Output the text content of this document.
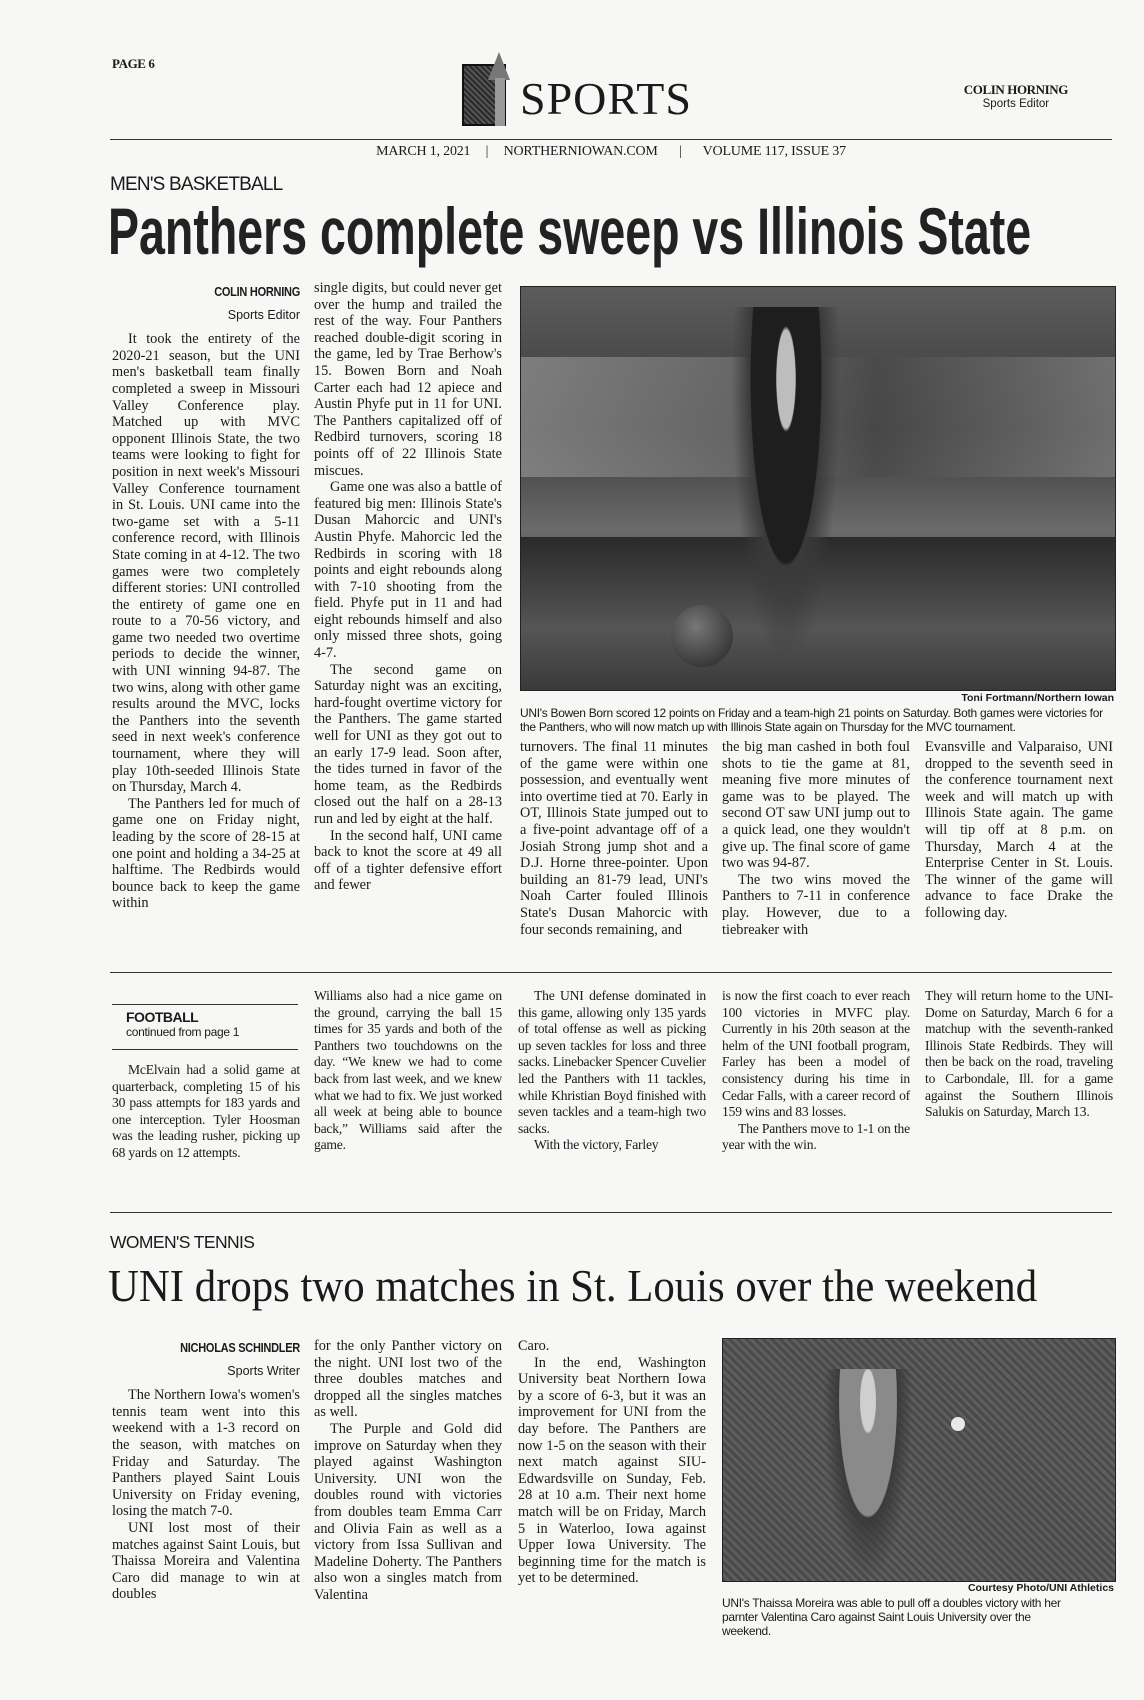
PAGE 6
SPORTS	COLIN HORNING
Sports Editor
MARCH 1, 2021 | NORTHERNIOWAN.COM | VOLUME 117, ISSUE 37
MEN'S BASKETBALL
Panthers complete sweep vs Illinois State
COLIN HORNING
Sports Editor

It took the entirety of the 2020-21 season, but the UNI men's basketball team finally completed a sweep in Missouri Valley Conference play. Matched up with MVC opponent Illinois State, the two teams were looking to fight for position in next week's Missouri Valley Conference tournament in St. Louis. UNI came into the two-game set with a 5-11 conference record, with Illinois State coming in at 4-12. The two games were two completely different stories: UNI controlled the entirety of game one en route to a 70-56 victory, and game two needed two overtime periods to decide the winner, with UNI winning 94-87. The two wins, along with other game results around the MVC, locks the Panthers into the seventh seed in next week's conference tournament, where they will play 10th-seeded Illinois State on Thursday, March 4.

The Panthers led for much of game one on Friday night, leading by the score of 28-15 at one point and holding a 34-25 at halftime. The Redbirds would bounce back to keep the game within

single digits, but could never get over the hump and trailed the rest of the way. Four Panthers reached double-digit scoring in the game, led by Trae Berhow's 15. Bowen Born and Noah Carter each had 12 apiece and Austin Phyfe put in 11 for UNI. The Panthers capitalized off of Redbird turnovers, scoring 18 points off of 22 Illinois State miscues.

Game one was also a battle of featured big men: Illinois State's Dusan Mahorcic and UNI's Austin Phyfe. Mahorcic led the Redbirds in scoring with 18 points and eight rebounds along with 7-10 shooting from the field. Phyfe put in 11 and had eight rebounds himself and also only missed three shots, going 4-7.

The second game on Saturday night was an exciting, hard-fought overtime victory for the Panthers. The game started well for UNI as they got out to an early 17-9 lead. Soon after, the tides turned in favor of the home team, as the Redbirds closed out the half on a 28-13 run and led by eight at the half.

In the second half, UNI came back to knot the score at 49 all off of a tighter defensive effort and fewer

Toni Fortmann/Northern Iowan
UNI's Bowen Born scored 12 points on Friday and a team-high 21 points on Saturday. Both games were victories for the Panthers, who will now match up with Illinois State again on Thursday for the MVC tournament.

turnovers. The final 11 minutes of the game were within one possession, and eventually went into overtime tied at 70. Early in OT, Illinois State jumped out to a five-point advantage off of a Josiah Strong jump shot and a D.J. Horne three-pointer. Upon building an 81-79 lead, UNI's Noah Carter fouled Illinois State's Dusan Mahorcic with four seconds remaining, and

the big man cashed in both foul shots to tie the game at 81, meaning five more minutes of game was to be played. The second OT saw UNI jump out to a quick lead, one they wouldn't give up. The final score of game two was 94-87.

The two wins moved the Panthers to 7-11 in conference play. However, due to a tiebreaker with

Evansville and Valparaiso, UNI dropped to the seventh seed in the conference tournament next week and will match up with Illinois State again. The game will tip off at 8 p.m. on Thursday, March 4 at the Enterprise Center in St. Louis. The winner of the game will advance to face Drake the following day.

FOOTBALL
continued from page 1

McElvain had a solid game at quarterback, completing 15 of his 30 pass attempts for 183 yards and one interception. Tyler Hoosman was the leading rusher, picking up 68 yards on 12 attempts.

Williams also had a nice game on the ground, carrying the ball 15 times for 35 yards and both of the Panthers two touchdowns on the day. “We knew we had to come back from last week, and we knew what we had to fix. We just worked all week at being able to bounce back,” Williams said after the game.

The UNI defense dominated in this game, allowing only 135 yards of total offense as well as picking up seven tackles for loss and three sacks. Linebacker Spencer Cuvelier led the Panthers with 11 tackles, while Khristian Boyd finished with seven tackles and a team-high two sacks.

With the victory, Farley

is now the first coach to ever reach 100 victories in MVFC play. Currently in his 20th season at the helm of the UNI football program, Farley has been a model of consistency during his time in Cedar Falls, with a career record of 159 wins and 83 losses.

The Panthers move to 1-1 on the year with the win.

They will return home to the UNI-Dome on Saturday, March 6 for a matchup with the seventh-ranked Illinois State Redbirds. They will then be back on the road, traveling to Carbondale, Ill. for a game against the Southern Illinois Salukis on Saturday, March 13.

WOMEN'S TENNIS
UNI drops two matches in St. Louis over the weekend
NICHOLAS SCHINDLER
Sports Writer

The Northern Iowa's women's tennis team went into this weekend with a 1-3 record on the season, with matches on Friday and Saturday. The Panthers played Saint Louis University on Friday evening, losing the match 7-0.

UNI lost most of their matches against Saint Louis, but Thaissa Moreira and Valentina Caro did manage to win at doubles

for the only Panther victory on the night. UNI lost two of the three doubles matches and dropped all the singles matches as well.

The Purple and Gold did improve on Saturday when they played against Washington University. UNI won the doubles round with victories from doubles team Emma Carr and Olivia Fain as well as a victory from Issa Sullivan and Madeline Doherty. The Panthers also won a singles match from Valentina

Caro.

In the end, Washington University beat Northern Iowa by a score of 6-3, but it was an improvement for UNI from the day before. The Panthers are now 1-5 on the season with their next match against SIU-Edwardsville on Sunday, Feb. 28 at 10 a.m. Their next home match will be on Friday, March 5 in Waterloo, Iowa against Upper Iowa University. The beginning time for the match is yet to be determined.

Courtesy Photo/UNI Athletics
UNI's Thaissa Moreira was able to pull off a doubles victory with her parnter Valentina Caro against Saint Louis University over the weekend.
